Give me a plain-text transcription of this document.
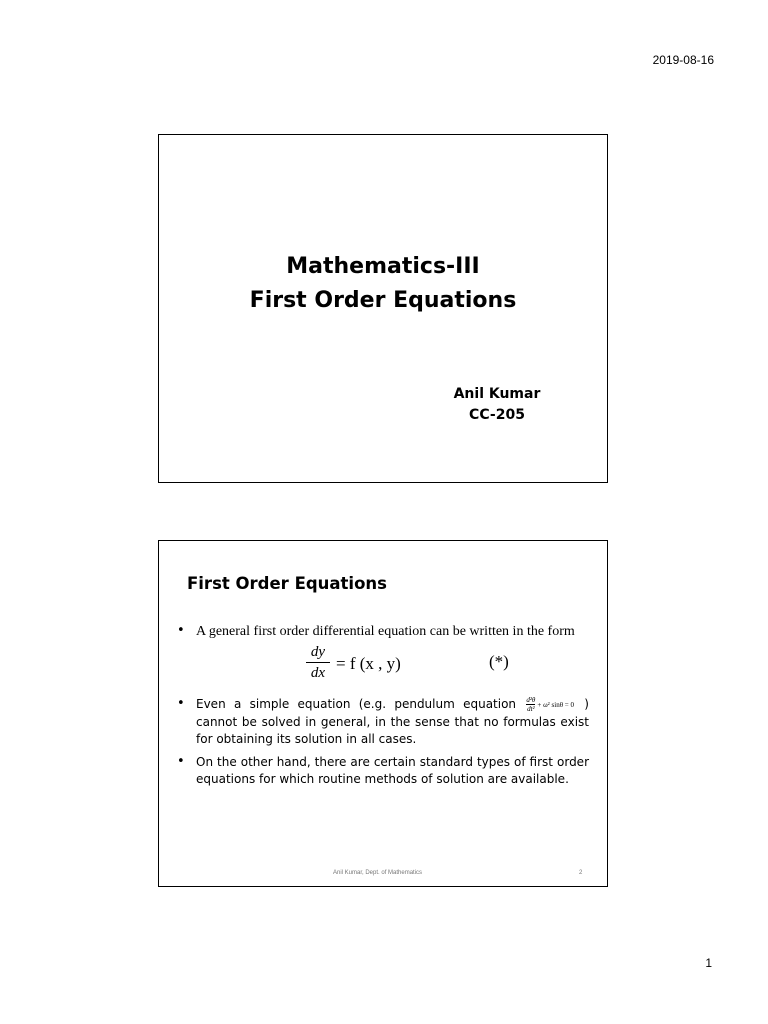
2019-08-16
Mathematics-III
First Order Equations
Anil Kumar
CC-205
First Order Equations
• A general first order differential equation can be written in the form
dy
dx = f (x , y)	(*)
• Even a simple equation (e.g. pendulum equation $\frac{\text{d²θ}}{\text{dt²}} + \omega^2$ sinθ = 0 ) cannot be solved in general, in the sense that no formulas exist for obtaining its solution in all cases.
• On the other hand, there are certain standard types of first order equations for which routine methods of solution are available.
Anil Kumar, Dept. of Mathematics	2
1
